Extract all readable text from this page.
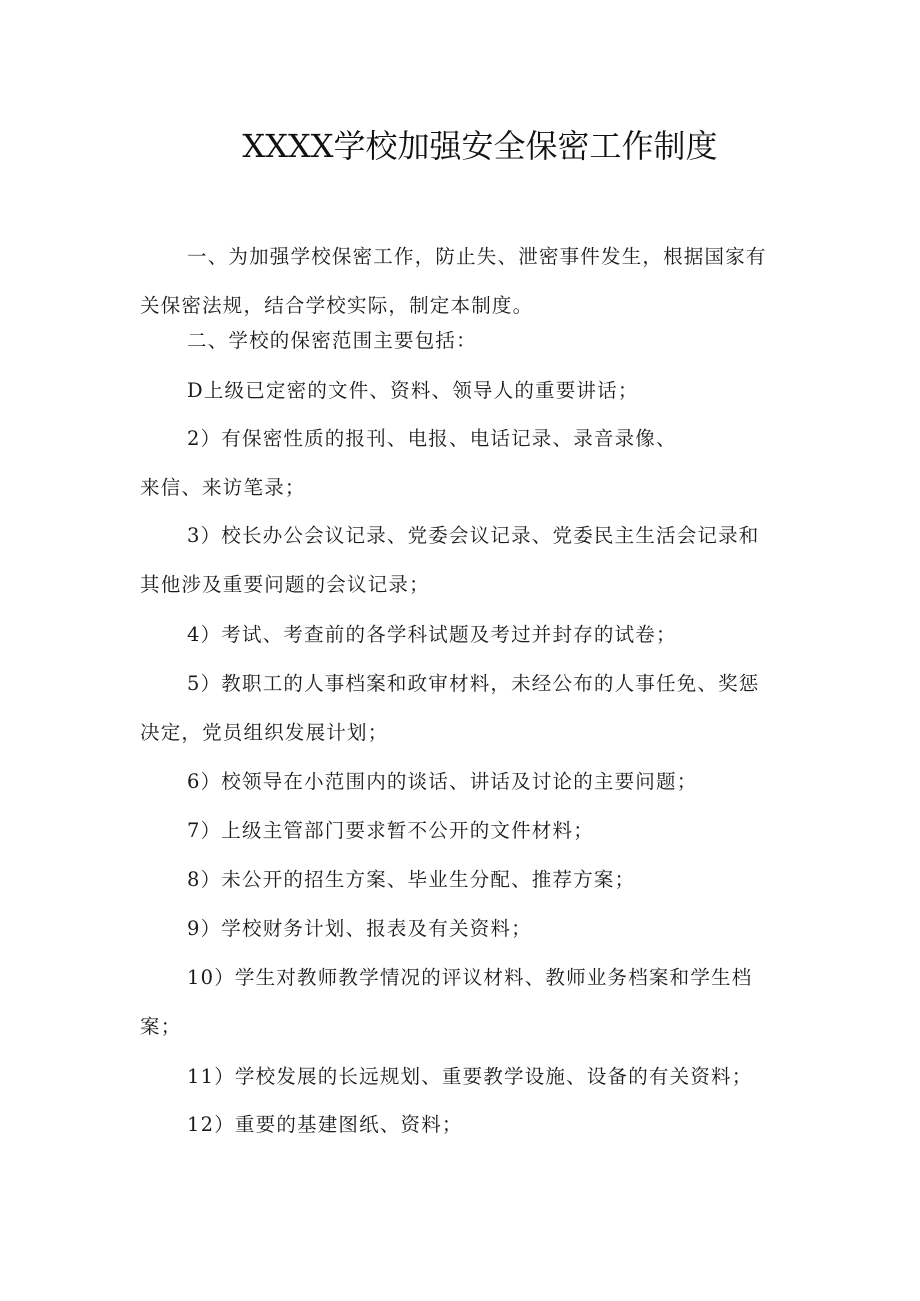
XXXX学校加强安全保密工作制度
一、为加强学校保密工作，防止失、泄密事件发生，根据国家有
关保密法规，结合学校实际，制定本制度。
二、学校的保密范围主要包括：
D上级已定密的文件、资料、领导人的重要讲话；
2）有保密性质的报刊、电报、电话记录、录音录像、
来信、来访笔录；
3）校长办公会议记录、党委会议记录、党委民主生活会记录和
其他涉及重要问题的会议记录；
4）考试、考查前的各学科试题及考过并封存的试卷；
5）教职工的人事档案和政审材料，未经公布的人事任免、奖惩
决定，党员组织发展计划；
6）校领导在小范围内的谈话、讲话及讨论的主要问题；
7）上级主管部门要求暂不公开的文件材料；
8）未公开的招生方案、毕业生分配、推荐方案；
9）学校财务计划、报表及有关资料；
10）学生对教师教学情况的评议材料、教师业务档案和学生档
案；
11）学校发展的长远规划、重要教学设施、设备的有关资料；
12）重要的基建图纸、资料；
